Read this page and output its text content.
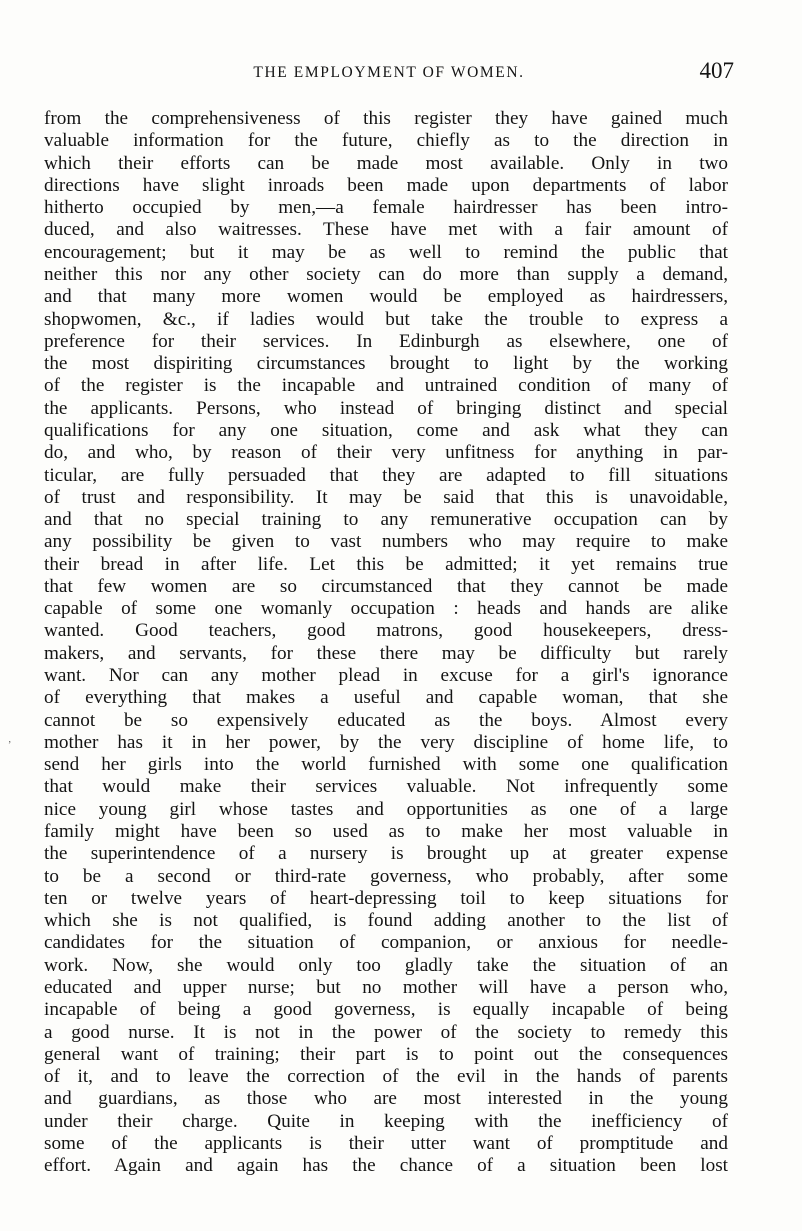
THE EMPLOYMENT OF WOMEN.	407
from the comprehensiveness of this register they have gained much
valuable information for the future, chiefly as to the direction in
which their efforts can be made most available. Only in two
directions have slight inroads been made upon departments of labor
hitherto occupied by men,—a female hairdresser has been intro-
duced, and also waitresses. These have met with a fair amount of
encouragement; but it may be as well to remind the public that
neither this nor any other society can do more than supply a demand,
and that many more women would be employed as hairdressers,
shopwomen, &c., if ladies would but take the trouble to express a
preference for their services. In Edinburgh as elsewhere, one of
the most dispiriting circumstances brought to light by the working
of the register is the incapable and untrained condition of many of
the applicants. Persons, who instead of bringing distinct and special
qualifications for any one situation, come and ask what they can
do, and who, by reason of their very unfitness for anything in par-
ticular, are fully persuaded that they are adapted to fill situations
of trust and responsibility. It may be said that this is unavoidable,
and that no special training to any remunerative occupation can by
any possibility be given to vast numbers who may require to make
their bread in after life. Let this be admitted; it yet remains true
that few women are so circumstanced that they cannot be made
capable of some one womanly occupation : heads and hands are alike
wanted. Good teachers, good matrons, good housekeepers, dress-
makers, and servants, for these there may be difficulty but rarely
want. Nor can any mother plead in excuse for a girl's ignorance
of everything that makes a useful and capable woman, that she
cannot be so expensively educated as the boys. Almost every
mother has it in her power, by the very discipline of home life, to
send her girls into the world furnished with some one qualification
that would make their services valuable. Not infrequently some
nice young girl whose tastes and opportunities as one of a large
family might have been so used as to make her most valuable in
the superintendence of a nursery is brought up at greater expense
to be a second or third-rate governess, who probably, after some
ten or twelve years of heart-depressing toil to keep situations for
which she is not qualified, is found adding another to the list of
candidates for the situation of companion, or anxious for needle-
work. Now, she would only too gladly take the situation of an
educated and upper nurse; but no mother will have a person who,
incapable of being a good governess, is equally incapable of being
a good nurse. It is not in the power of the society to remedy this
general want of training; their part is to point out the consequences
of it, and to leave the correction of the evil in the hands of parents
and guardians, as those who are most interested in the young
under their charge. Quite in keeping with the inefficiency of
some of the applicants is their utter want of promptitude and
effort. Again and again has the chance of a situation been lost
’
